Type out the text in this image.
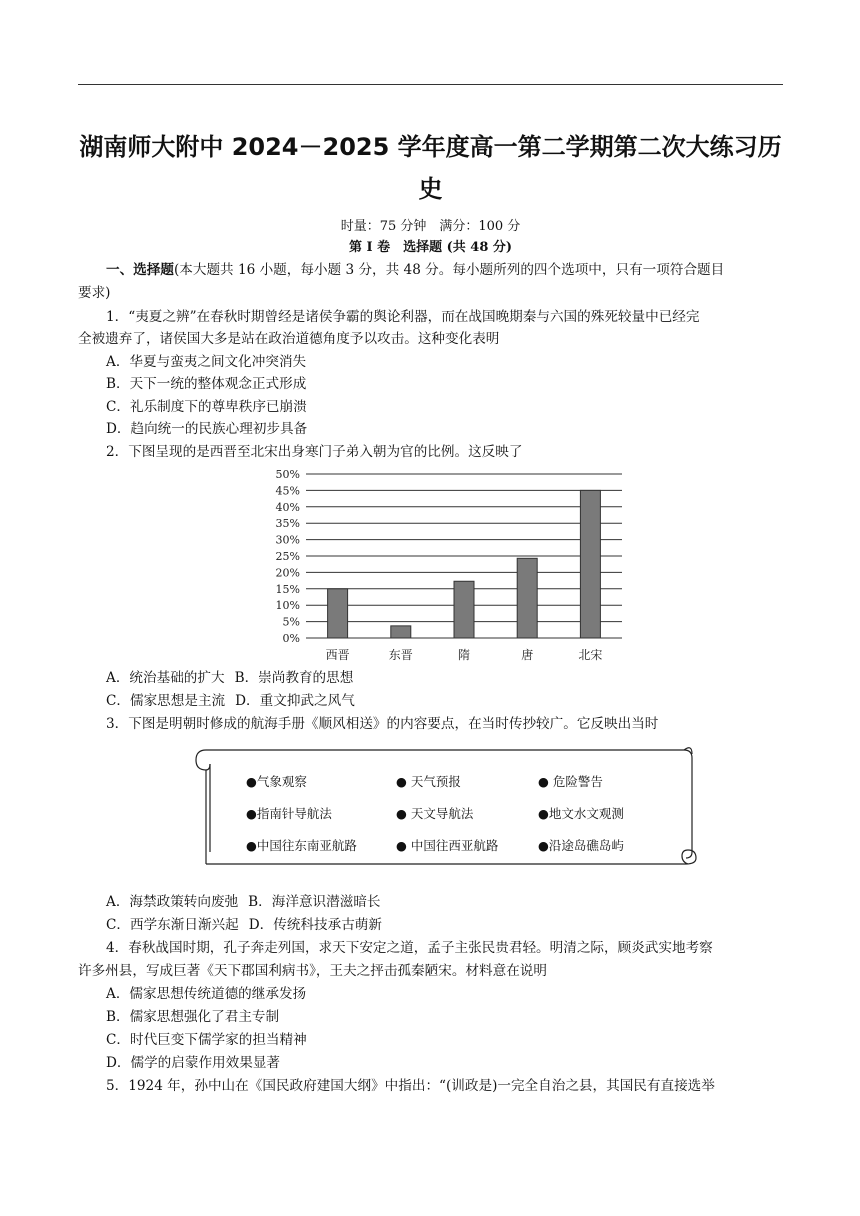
湖南师大附中 2024－2025 学年度高一第二学期第二次大练习历
史
时量：75 分钟　满分：100 分
第 Ⅰ 卷　选择题 (共 48 分)
一、选择题(本大题共 16 小题，每小题 3 分，共 48 分。每小题所列的四个选项中，只有一项符合题目
要求)
1．“夷夏之辨”在春秋时期曾经是诸侯争霸的舆论利器，而在战国晚期秦与六国的殊死较量中已经完
全被遗弃了，诸侯国大多是站在政治道德角度予以攻击。这种变化表明
A．华夏与蛮夷之间文化冲突消失
B．天下一统的整体观念正式形成
C．礼乐制度下的尊卑秩序已崩溃
D．趋向统一的民族心理初步具备
2．下图呈现的是西晋至北宋出身寒门子弟入朝为官的比例。这反映了
0%
5%
10%
15%
20%
25%
30%
35%
40%
45%
50%
西晋	东晋	隋	唐	北宋
A．统治基础的扩大 B．崇尚教育的思想
C．儒家思想是主流 D．重文抑武之风气
3．下图是明朝时修成的航海手册《顺风相送》的内容要点，在当时传抄较广。它反映出当时
●气象观察	● 天气预报	● 危险警告
●指南针导航法	● 天文导航法	●地文水文观测
●中国往东南亚航路	● 中国往西亚航路	●沿途岛礁岛屿
A．海禁政策转向废弛 B．海洋意识潜滋暗长
C．西学东渐日渐兴起 D．传统科技承古萌新
4．春秋战国时期，孔子奔走列国，求天下安定之道，孟子主张民贵君轻。明清之际，顾炎武实地考察
许多州县，写成巨著《天下郡国利病书》，王夫之抨击孤秦陋宋。材料意在说明
A．儒家思想传统道德的继承发扬
B．儒家思想强化了君主专制
C．时代巨变下儒学家的担当精神
D．儒学的启蒙作用效果显著
5．1924 年，孙中山在《国民政府建国大纲》中指出：“(训政是)一完全自治之县，其国民有直接选举
